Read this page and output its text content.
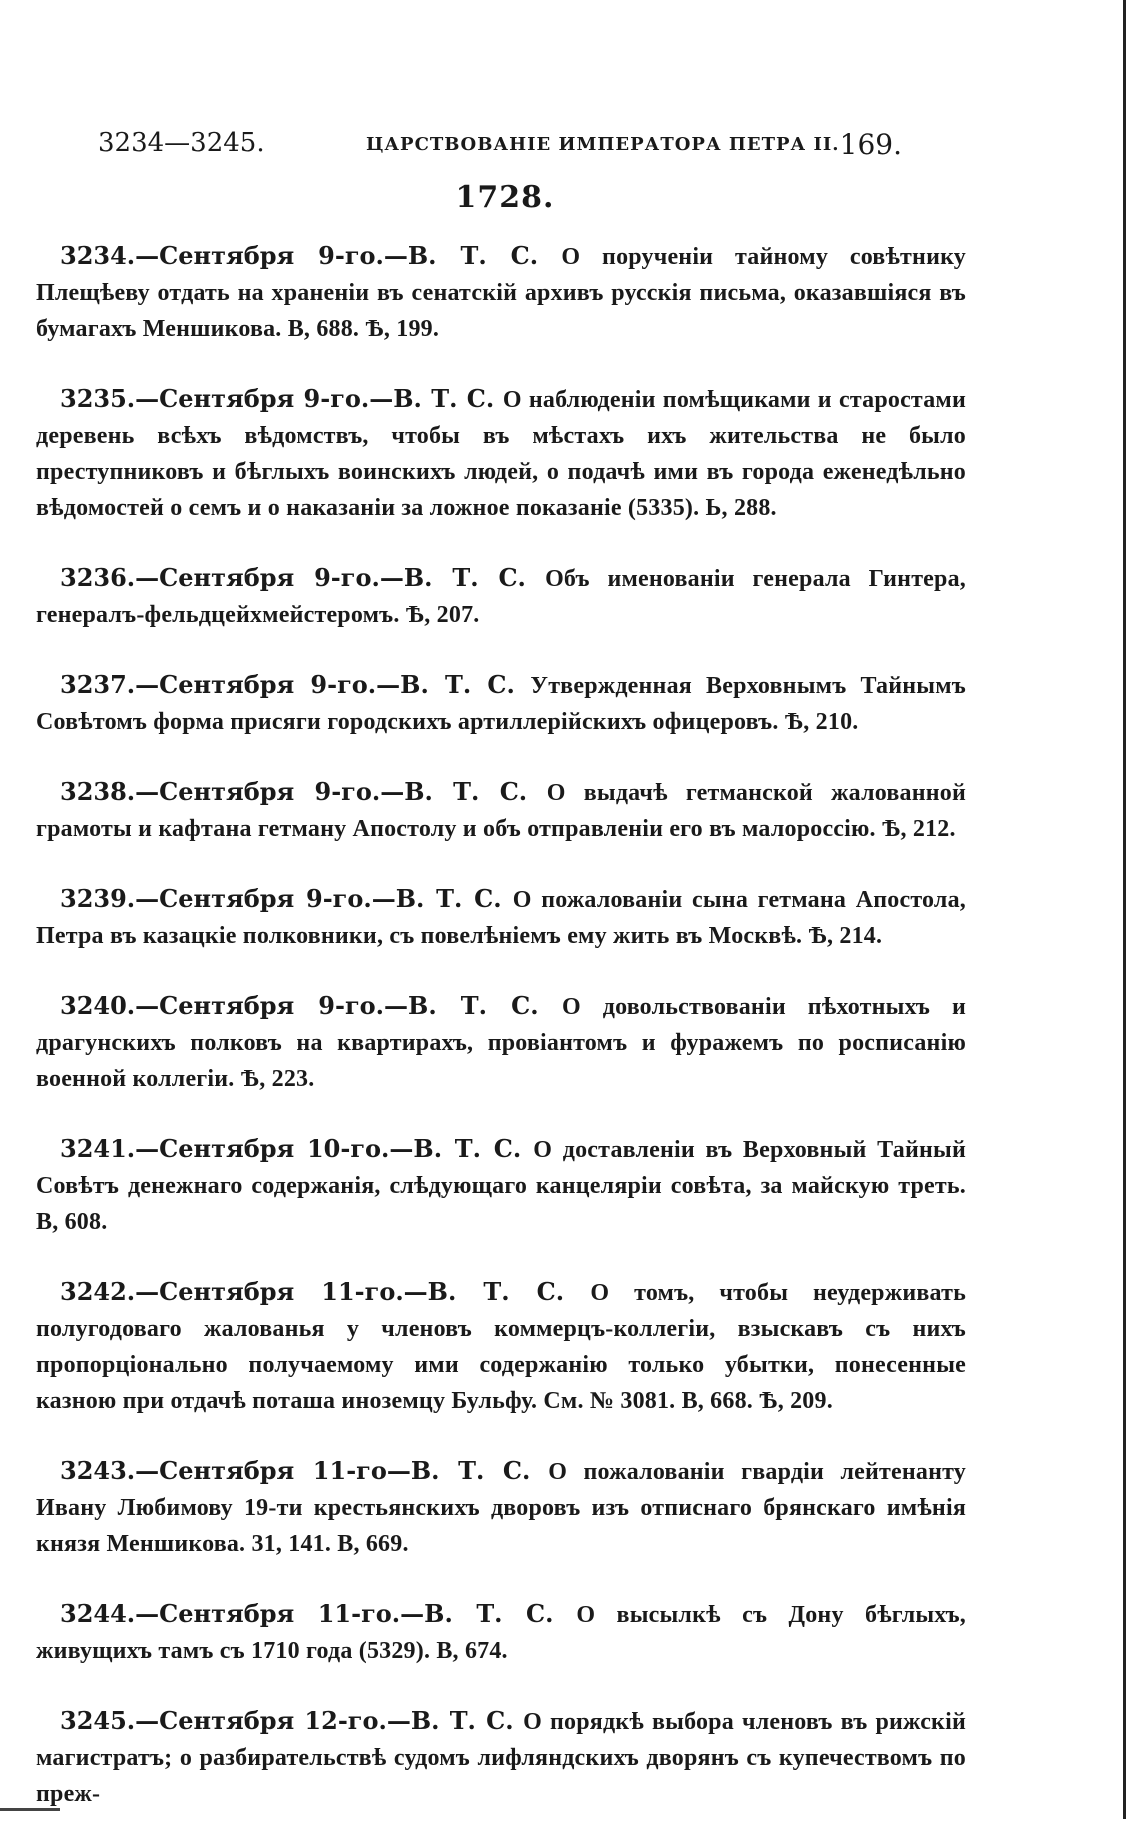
3234—3245.	ЦАРСТВОВАНІЕ ИМПЕРАТОРА ПЕТРА II. 169.
1728.

3234.—Сентября 9-го.—В. Т. С. О порученіи тайному совѣтнику Плещѣеву отдать на храненіи въ сенатскій архивъ русскія письма, оказавшіяся въ бумагахъ Меншикова. В, 688. Ѣ, 199.

3235.—Сентября 9-го.—В. Т. С. О наблюденіи помѣщиками и старостами деревень всѣхъ вѣдомствъ, чтобы въ мѣстахъ ихъ жительства не было преступниковъ и бѣглыхъ воинскихъ людей, о подачѣ ими въ города еженедѣльно вѣдомостей о семъ и о наказаніи за ложное показаніе (5335). Ь, 288.

3236.—Сентября 9-го.—В. Т. С. Объ именованіи генерала Гинтера, генералъ-фельдцейхмейстеромъ. Ѣ, 207.

3237.—Сентября 9-го.—В. Т. С. Утвержденная Верховнымъ Тайнымъ Совѣтомъ форма присяги городскихъ артиллерійскихъ офицеровъ. Ѣ, 210.

3238.—Сентября 9-го.—В. Т. С. О выдачѣ гетманской жалованной грамоты и кафтана гетману Апостолу и объ отправленіи его въ малороссію. Ѣ, 212.

3239.—Сентября 9-го.—В. Т. С. О пожалованіи сына гетмана Апостола, Петра въ казацкіе полковники, съ повелѣніемъ ему жить въ Москвѣ. Ѣ, 214.

3240.—Сентября 9-го.—В. Т. С. О довольствованіи пѣхотныхъ и драгунскихъ полковъ на квартирахъ, провіантомъ и фуражемъ по росписанію военной коллегіи. Ѣ, 223.

3241.—Сентября 10-го.—В. Т. С. О доставленіи въ Верховный Тайный Совѣтъ денежнаго содержанія, слѣдующаго канцеляріи совѣта, за майскую треть. В, 608.

3242.—Сентября 11-го.—В. Т. С. О томъ, чтобы неудерживать полугодоваго жалованья у членовъ коммерцъ-коллегіи, взыскавъ съ нихъ пропорціонально получаемому ими содержанію только убытки, понесенные казною при отдачѣ поташа иноземцу Бульфу. См. № 3081. В, 668. Ѣ, 209.

3243.—Сентября 11-го—В. Т. С. О пожалованіи гвардіи лейтенанту Ивану Любимову 19-ти крестьянскихъ дворовъ изъ отписнаго брянскаго имѣнія князя Меншикова. 31, 141. В, 669.

3244.—Сентября 11-го.—В. Т. С. О высылкѣ съ Дону бѣглыхъ, живущихъ тамъ съ 1710 года (5329). В, 674.

3245.—Сентября 12-го.—В. Т. С. О порядкѣ выбора членовъ въ рижскій магистратъ; о разбирательствѣ судомъ лифляндскихъ дворянъ съ купечествомъ по преж-
